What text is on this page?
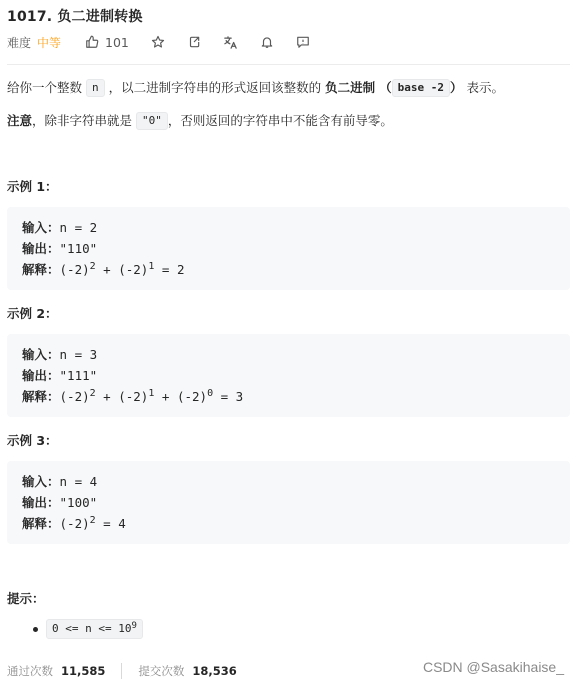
1017. 负二进制转换
难度 中等	101
给你一个整数 n ，以二进制字符串的形式返回该整数的 负二进制 （ base -2 ） 表示。
注意，除非字符串就是 "0" ，否则返回的字符串中不能含有前导零。
示例 1：
输入：n = 2
输出："110"
解释：$(-2)^2 + (-2)^1 = 2$
示例 2：
输入：n = 3
输出："111"
解释：$(-2)^2 + (-2)^1 + (-2)^0 = 3$
示例 3：
输入：n = 4
输出："100"
解释：$(-2)^2 = 4$
提示：
$0 <= n <= 10^9$
通过次数 11,585	提交次数 18,536	CSDN @Sasakihaise_
